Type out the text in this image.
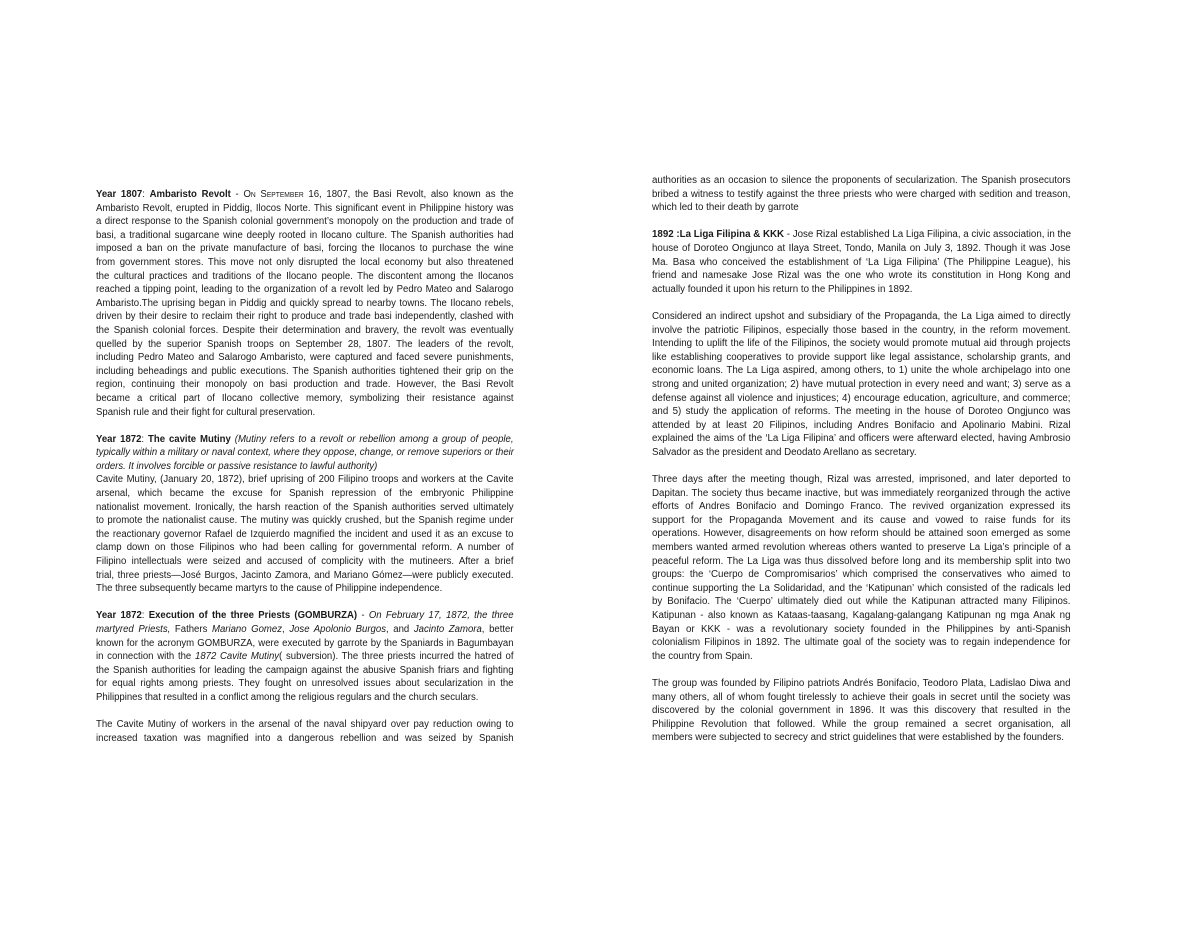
Year 1807: Ambaristo Revolt - On September 16, 1807, the Basi Revolt, also known as the
Ambaristo Revolt, erupted in Piddig, Ilocos Norte. This significant event in Philippine history was
a direct response to the Spanish colonial government’s monopoly on the production and trade of
basi, a traditional sugarcane wine deeply rooted in Ilocano culture. The Spanish authorities had
imposed a ban on the private manufacture of basi, forcing the Ilocanos to purchase the wine
from government stores. This move not only disrupted the local economy but also threatened
the cultural practices and traditions of the Ilocano people. The discontent among the Ilocanos
reached a tipping point, leading to the organization of a revolt led by Pedro Mateo and Salarogo
Ambaristo.The uprising began in Piddig and quickly spread to nearby towns. The Ilocano rebels,
driven by their desire to reclaim their right to produce and trade basi independently, clashed with
the Spanish colonial forces. Despite their determination and bravery, the revolt was eventually
quelled by the superior Spanish troops on September 28, 1807. The leaders of the revolt,
including Pedro Mateo and Salarogo Ambaristo, were captured and faced severe punishments,
including beheadings and public executions. The Spanish authorities tightened their grip on the
region, continuing their monopoly on basi production and trade. However, the Basi Revolt
became a critical part of Ilocano collective memory, symbolizing their resistance against
Spanish rule and their fight for cultural preservation.
Year 1872: The cavite Mutiny (Mutiny refers to a revolt or rebellion among a group of people,
typically within a military or naval context, where they oppose, change, or remove superiors or their
orders. It involves forcible or passive resistance to lawful authority)
Cavite Mutiny, (January 20, 1872), brief uprising of 200 Filipino troops and workers at the Cavite
arsenal, which became the excuse for Spanish repression of the embryonic Philippine
nationalist movement. Ironically, the harsh reaction of the Spanish authorities served ultimately
to promote the nationalist cause. The mutiny was quickly crushed, but the Spanish regime under
the reactionary governor Rafael de Izquierdo magnified the incident and used it as an excuse to
clamp down on those Filipinos who had been calling for governmental reform. A number of
Filipino intellectuals were seized and accused of complicity with the mutineers. After a brief
trial, three priests—José Burgos, Jacinto Zamora, and Mariano Gómez—were publicly executed.
The three subsequently became martyrs to the cause of Philippine independence.
Year 1872: Execution of the three Priests (GOMBURZA) - On February 17, 1872, the three
martyred Priests, Fathers Mariano Gomez, Jose Apolonio Burgos, and Jacinto Zamora, better
known for the acronym GOMBURZA, were executed by garrote by the Spaniards in Bagumbayan
in connection with the 1872 Cavite Mutiny( subversion). The three priests incurred the hatred of
the Spanish authorities for leading the campaign against the abusive Spanish friars and fighting
for equal rights among priests. They fought on unresolved issues about secularization in the
Philippines that resulted in a conflict among the religious regulars and the church seculars.
The Cavite Mutiny of workers in the arsenal of the naval shipyard over pay reduction owing to
increased taxation was magnified into a dangerous rebellion and was seized by Spanish
authorities as an occasion to silence the proponents of secularization. The Spanish prosecutors
bribed a witness to testify against the three priests who were charged with sedition and treason,
which led to their death by garrote
1892 :La Liga Filipina & KKK - Jose Rizal established La Liga Filipina, a civic association, in the
house of Doroteo Ongjunco at Ilaya Street, Tondo, Manila on July 3, 1892. Though it was Jose
Ma. Basa who conceived the establishment of ‘La Liga Filipina’ (The Philippine League), his
friend and namesake Jose Rizal was the one who wrote its constitution in Hong Kong and
actually founded it upon his return to the Philippines in 1892.
Considered an indirect upshot and subsidiary of the Propaganda, the La Liga aimed to directly
involve the patriotic Filipinos, especially those based in the country, in the reform movement.
Intending to uplift the life of the Filipinos, the society would promote mutual aid through projects
like establishing cooperatives to provide support like legal assistance, scholarship grants, and
economic loans. The La Liga aspired, among others, to 1) unite the whole archipelago into one
strong and united organization; 2) have mutual protection in every need and want; 3) serve as a
defense against all violence and injustices; 4) encourage education, agriculture, and commerce;
and 5) study the application of reforms. The meeting in the house of Doroteo Ongjunco was
attended by at least 20 Filipinos, including Andres Bonifacio and Apolinario Mabini. Rizal
explained the aims of the ‘La Liga Filipina’ and officers were afterward elected, having Ambrosio
Salvador as the president and Deodato Arellano as secretary.
Three days after the meeting though, Rizal was arrested, imprisoned, and later deported to
Dapitan. The society thus became inactive, but was immediately reorganized through the active
efforts of Andres Bonifacio and Domingo Franco. The revived organization expressed its
support for the Propaganda Movement and its cause and vowed to raise funds for its
operations. However, disagreements on how reform should be attained soon emerged as some
members wanted armed revolution whereas others wanted to preserve La Liga’s principle of a
peaceful reform. The La Liga was thus dissolved before long and its membership split into two
groups: the ‘Cuerpo de Compromisarios’ which comprised the conservatives who aimed to
continue supporting the La Solidaridad, and the ‘Katipunan’ which consisted of the radicals led
by Bonifacio. The ‘Cuerpo’ ultimately died out while the Katipunan attracted many Filipinos.
Katipunan - also known as Kataas-taasang, Kagalang-galangang Katipunan ng mga Anak ng
Bayan or KKK - was a revolutionary society founded in the Philippines by anti-Spanish
colonialism Filipinos in 1892. The ultimate goal of the society was to regain independence for
the country from Spain.
The group was founded by Filipino patriots Andrés Bonifacio, Teodoro Plata, Ladislao Diwa and
many others, all of whom fought tirelessly to achieve their goals in secret until the society was
discovered by the colonial government in 1896. It was this discovery that resulted in the
Philippine Revolution that followed. While the group remained a secret organisation, all
members were subjected to secrecy and strict guidelines that were established by the founders.
